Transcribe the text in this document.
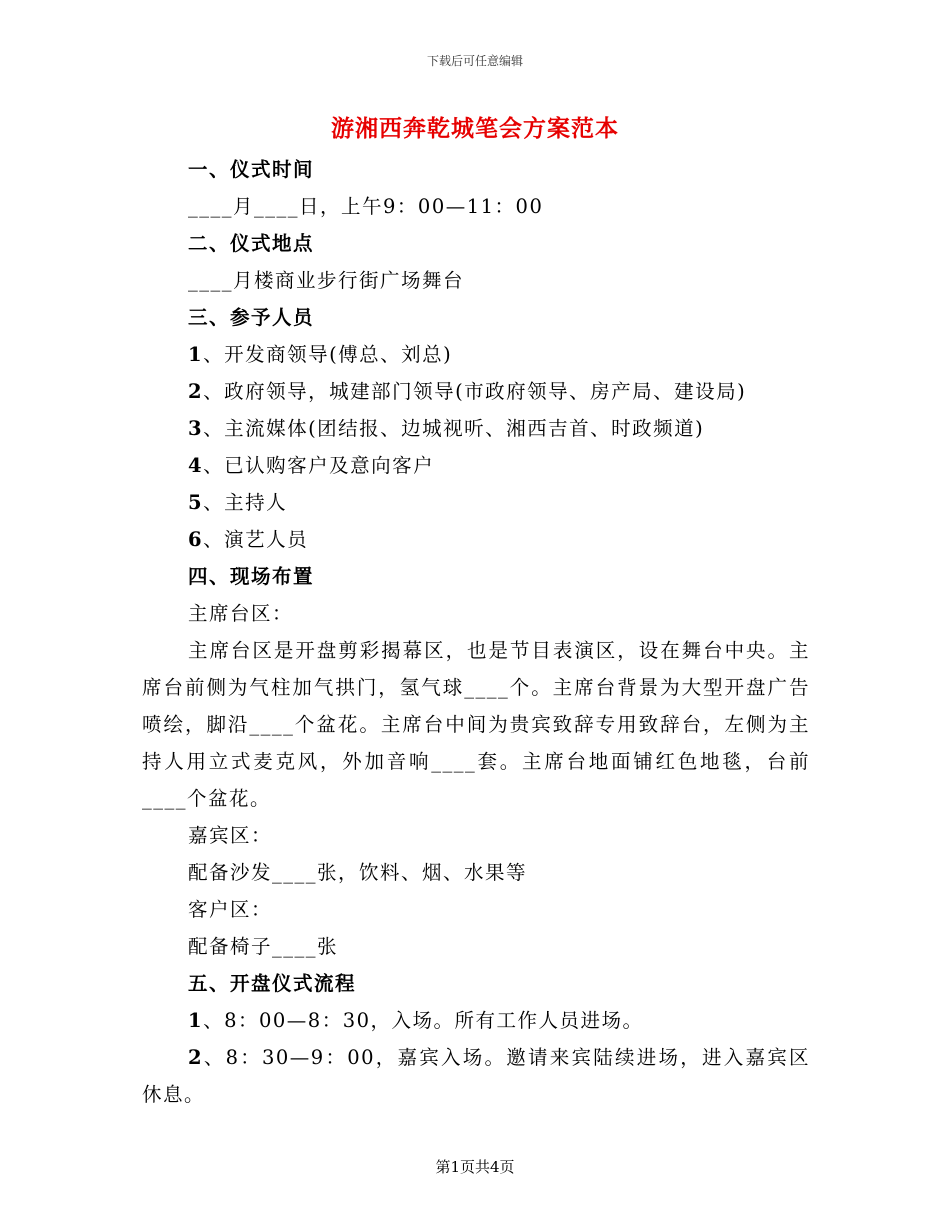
下载后可任意编辑
游湘西奔乾城笔会方案范本
一、仪式时间
____月____日，上午9：00—11：00
二、仪式地点
____月楼商业步行街广场舞台
三、参予人员
1、开发商领导(傅总、刘总)
2、政府领导，城建部门领导(市政府领导、房产局、建设局)
3、主流媒体(团结报、边城视听、湘西吉首、时政频道)
4、已认购客户及意向客户
5、主持人
6、演艺人员
四、现场布置
主席台区：

主席台区是开盘剪彩揭幕区，也是节目表演区，设在舞台中央。主席台前侧为气柱加气拱门，氢气球____个。主席台背景为大型开盘广告喷绘，脚沿____个盆花。主席台中间为贵宾致辞专用致辞台，左侧为主持人用立式麦克风，外加音响____套。主席台地面铺红色地毯，台前____个盆花。

嘉宾区：
配备沙发____张，饮料、烟、水果等
客户区：
配备椅子____张
五、开盘仪式流程
1、8：00—8：30，入场。所有工作人员进场。

2、8：30—9：00，嘉宾入场。邀请来宾陆续进场，进入嘉宾区休息。

第1页共4页
